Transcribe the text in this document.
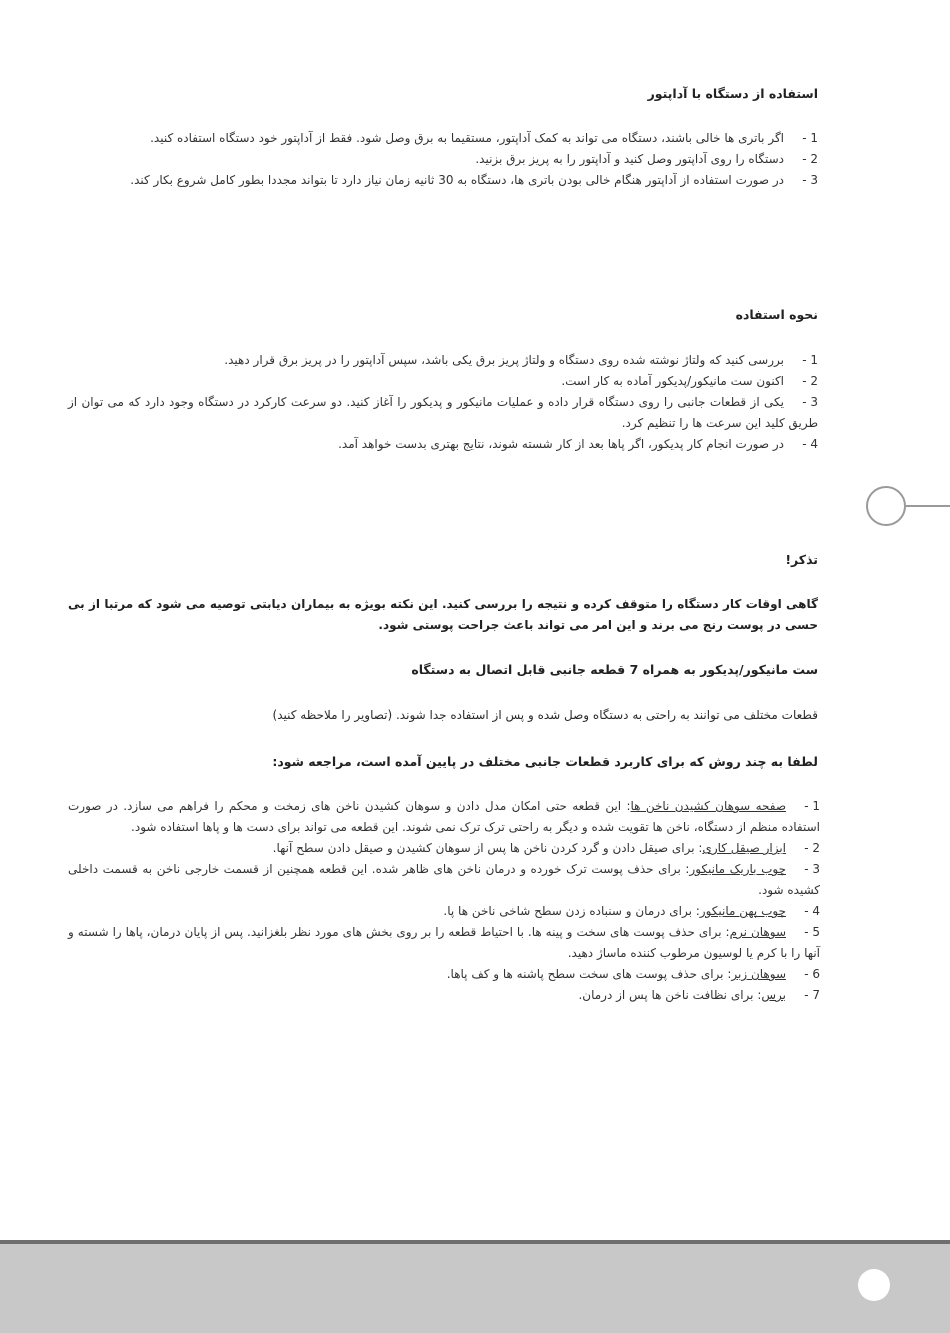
استفاده از دستگاه با آداپتور
1 -اگر باتری ها خالی باشند، دستگاه می تواند به کمک آداپتور، مستقیما به برق وصل شود. فقط از آداپتور خود دستگاه استفاده کنید.
2 -دستگاه را روی آداپتور وصل کنید و آداپتور را به پریز برق بزنید.
3 -در صورت استفاده از آداپتور هنگام خالی بودن باتری ها، دستگاه به 30 ثانیه زمان نیاز دارد تا بتواند مجددا بطور کامل شروع بکار کند.
نحوه استفاده
1 -بررسی کنید که ولتاژ نوشته شده روی دستگاه و ولتاژ پریز برق یکی باشد، سپس آداپتور را در پریز برق قرار دهید.
2 -اکنون ست مانیکور/پدیکور آماده به کار است.
3 -یکی از قطعات جانبی را روی دستگاه قرار داده و عملیات مانیکور و پدیکور را آغاز کنید. دو سرعت کارکرد در دستگاه وجود دارد که می توان از طریق کلید این سرعت ها را تنظیم کرد.
4 -در صورت انجام کار پدیکور، اگر پاها بعد از کار شسته شوند، نتایج بهتری بدست خواهد آمد.
تذکر!
گاهی اوقات کار دستگاه را متوقف کرده و نتیجه را بررسی کنید. این نکته بویژه به بیماران دیابتی توصیه می شود که مرتبا از بی حسی در پوست رنج می برند و این امر می تواند باعث جراحت پوستی شود.
ست مانیکور/پدیکور به همراه 7 قطعه جانبی قابل اتصال به دستگاه
قطعات مختلف می توانند به راحتی به دستگاه وصل شده و پس از استفاده جدا شوند. (تصاویر را ملاحظه کنید)
لطفا به چند روش که برای کاربرد قطعات جانبی مختلف در پایین آمده است، مراجعه شود:
1 -صفحه سوهان کشیدن ناخن ها: این قطعه حتی امکان مدل دادن و سوهان کشیدن ناخن های زمخت و محکم را فراهم می سازد. در صورت استفاده منظم از دستگاه، ناخن ها تقویت شده و دیگر به راحتی ترک ترک نمی شوند. این قطعه می تواند برای دست ها و پاها استفاده شود.
2 -ابزار صیقل کاری: برای صیقل دادن و گرد کردن ناخن ها پس از سوهان کشیدن و صیقل دادن سطح آنها.
3 -چوب باریک مانیکور: برای حذف پوست ترک خورده و درمان ناخن های ظاهر شده. این قطعه همچنین از قسمت خارجی ناخن به قسمت داخلی کشیده شود.
4 -چوب پهن مانیکور: برای درمان و سنباده زدن سطح شاخی ناخن ها پا.
5 -سوهان نرم: برای حذف پوست های سخت و پینه ها. با احتیاط قطعه را بر روی بخش های مورد نظر بلغزانید. پس از پایان درمان، پاها را شسته و آنها را با کرم یا لوسیون مرطوب کننده ماساژ دهید.
6 -سوهان زبر: برای حذف پوست های سخت سطح پاشنه ها و کف پاها.
7 -برس: برای نظافت ناخن ها پس از درمان.
